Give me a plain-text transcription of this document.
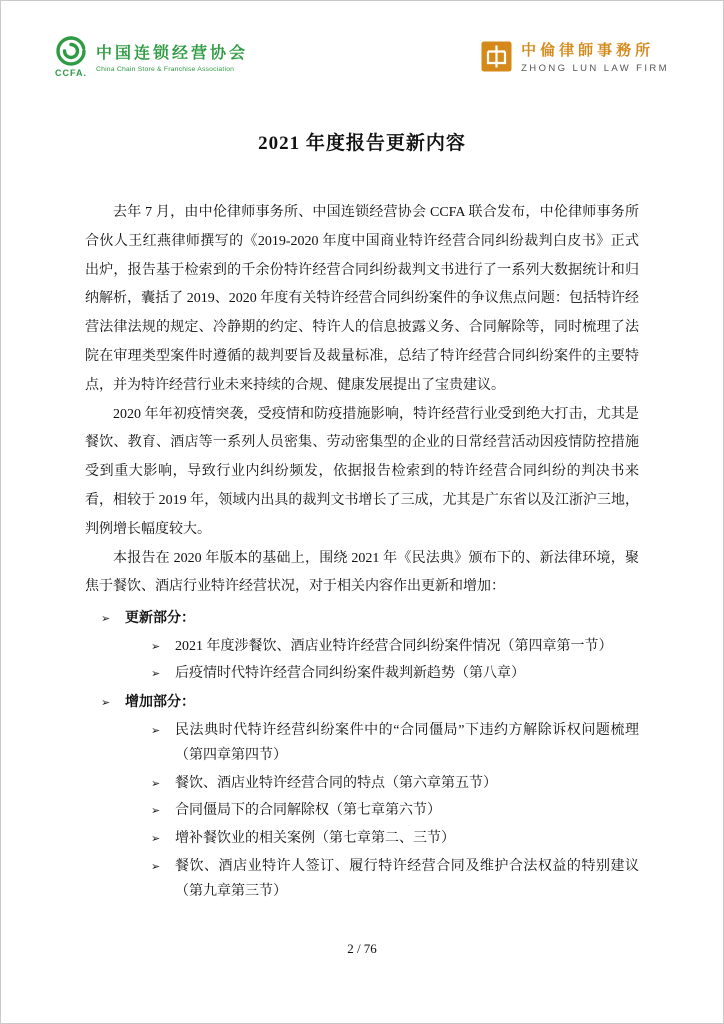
CCFA.
中国连锁经营协会
China Chain Store & Franchise Association
中倫律師事務所
ZHONG LUN LAW FIRM
2021 年度报告更新内容

去年 7 月，由中伦律师事务所、中国连锁经营协会 CCFA 联合发布，中伦律师事务所合伙人王红燕律师撰写的《2019-2020 年度中国商业特许经营合同纠纷裁判白皮书》正式出炉，报告基于检索到的千余份特许经营合同纠纷裁判文书进行了一系列大数据统计和归纳解析，囊括了 2019、2020 年度有关特许经营合同纠纷案件的争议焦点问题：包括特许经营法律法规的规定、冷静期的约定、特许人的信息披露义务、合同解除等，同时梳理了法院在审理类型案件时遵循的裁判要旨及裁量标准，总结了特许经营合同纠纷案件的主要特点，并为特许经营行业未来持续的合规、健康发展提出了宝贵建议。

2020 年年初疫情突袭，受疫情和防疫措施影响，特许经营行业受到绝大打击，尤其是餐饮、教育、酒店等一系列人员密集、劳动密集型的企业的日常经营活动因疫情防控措施受到重大影响，导致行业内纠纷频发，依据报告检索到的特许经营合同纠纷的判决书来看，相较于 2019 年，领域内出具的裁判文书增长了三成，尤其是广东省以及江浙沪三地，判例增长幅度较大。

本报告在 2020 年版本的基础上，围绕 2021 年《民法典》颁布下的、新法律环境，聚焦于餐饮、酒店行业特许经营状况，对于相关内容作出更新和增加：

➢	更新部分：
➢	2021 年度涉餐饮、酒店业特许经营合同纠纷案件情况（第四章第一节）
➢	后疫情时代特许经营合同纠纷案件裁判新趋势（第八章）
➢	增加部分：
➢	民法典时代特许经营纠纷案件中的“合同僵局”下违约方解除诉权问题梳理（第四章第四节）
➢	餐饮、酒店业特许经营合同的特点（第六章第五节）
➢	合同僵局下的合同解除权（第七章第六节）
➢	增补餐饮业的相关案例（第七章第二、三节）
➢	餐饮、酒店业特许人签订、履行特许经营合同及维护合法权益的特别建议（第九章第三节）
2 / 76
